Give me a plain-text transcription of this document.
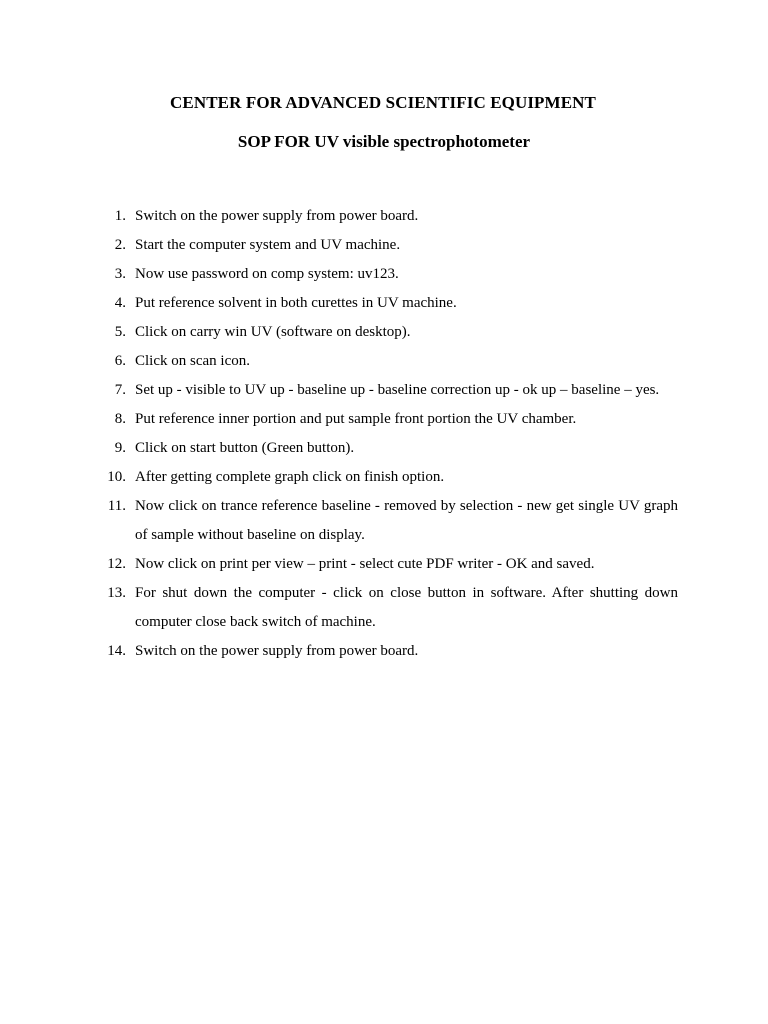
CENTER FOR ADVANCED SCIENTIFIC EQUIPMENT
SOP FOR UV visible spectrophotometer
1. Switch on the power supply from power board.
2. Start the computer system and UV machine.
3. Now use password on comp system: uv123.
4. Put reference solvent in both curettes in UV machine.
5. Click on carry win UV (software on desktop).
6. Click on scan icon.
7. Set up - visible to UV up - baseline up - baseline correction up - ok up – baseline – yes.
8. Put reference inner portion and put sample front portion the UV chamber.
9. Click on start button (Green button).
10. After getting complete graph click on finish option.
11. Now click on trance reference baseline - removed by selection - new get single UV graph of sample without baseline on display.
12. Now click on print per view – print - select cute PDF writer - OK and saved.
13. For shut down the computer - click on close button in software. After shutting down computer close back switch of machine.
14. Switch on the power supply from power board.
